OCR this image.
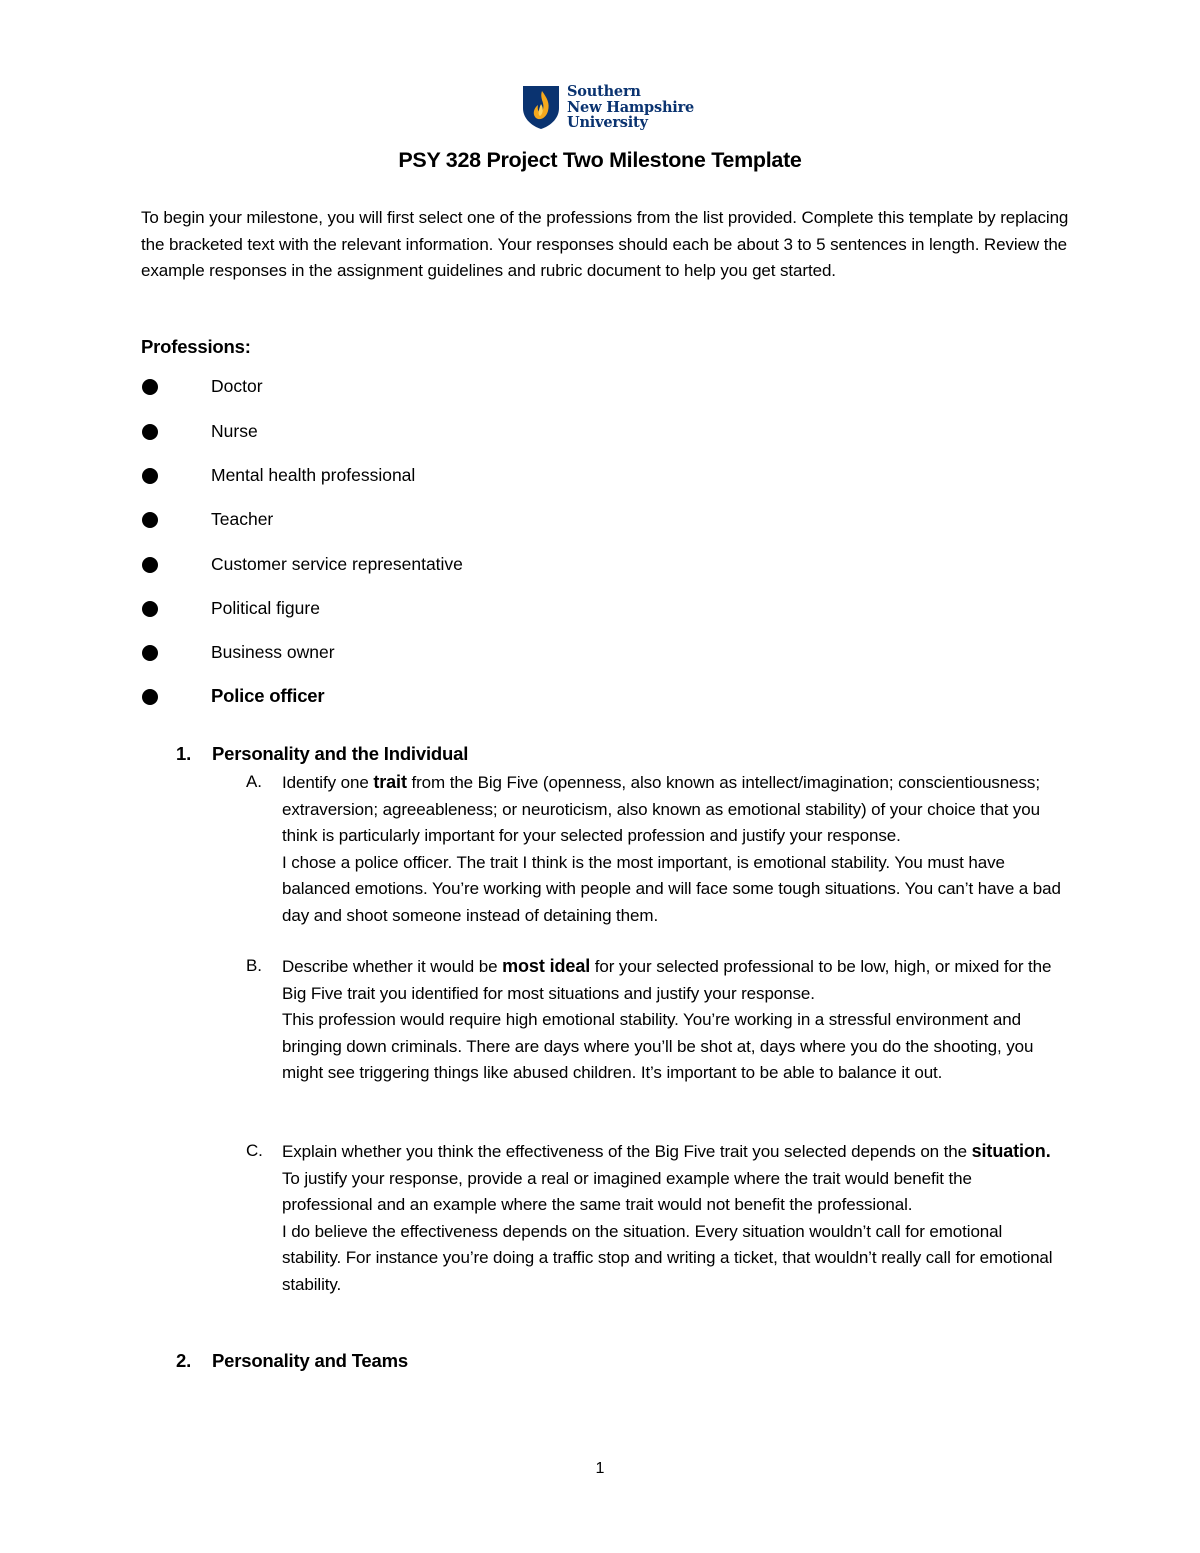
Southern
New Hampshire
University
PSY 328 Project Two Milestone Template
To begin your milestone, you will first select one of the professions from the list provided. Complete this template by replacing the bracketed text with the relevant information. Your responses should each be about 3 to 5 sentences in length. Review the example responses in the assignment guidelines and rubric document to help you get started.
Professions:
Doctor
Nurse
Mental health professional
Teacher
Customer service representative
Political figure
Business owner
Police officer
1. Personality and the Individual
A. Identify one trait from the Big Five (openness, also known as intellect/imagination; conscientiousness; extraversion; agreeableness; or neuroticism, also known as emotional stability) of your choice that you think is particularly important for your selected profession and justify your response.
I chose a police officer. The trait I think is the most important, is emotional stability. You must have balanced emotions. You’re working with people and will face some tough situations. You can’t have a bad day and shoot someone instead of detaining them.
B. Describe whether it would be most ideal for your selected professional to be low, high, or mixed for the Big Five trait you identified for most situations and justify your response.
This profession would require high emotional stability. You’re working in a stressful environment and bringing down criminals. There are days where you’ll be shot at, days where you do the shooting, you might see triggering things like abused children. It’s important to be able to balance it out.
C. Explain whether you think the effectiveness of the Big Five trait you selected depends on the situation. To justify your response, provide a real or imagined example where the trait would benefit the professional and an example where the same trait would not benefit the professional.
I do believe the effectiveness depends on the situation. Every situation wouldn’t call for emotional stability. For instance you’re doing a traffic stop and writing a ticket, that wouldn’t really call for emotional stability.
2. Personality and Teams
1
